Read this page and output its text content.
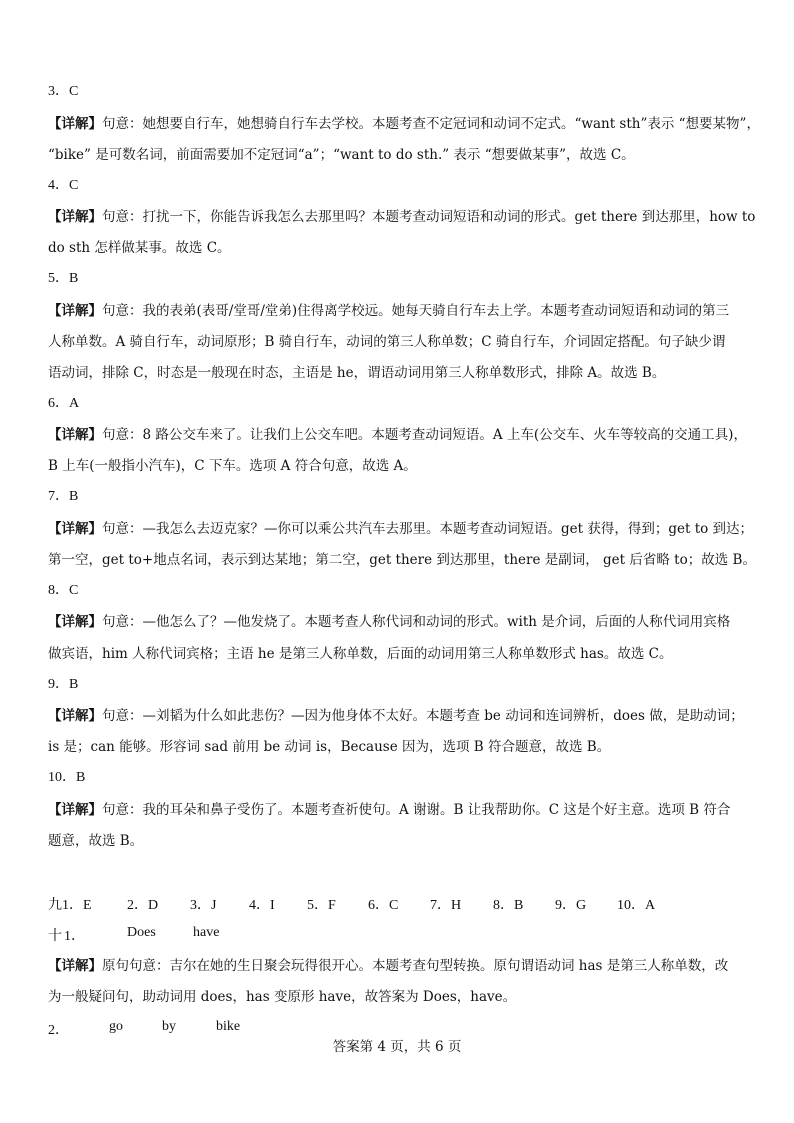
3．C
【详解】句意：她想要自行车，她想骑自行车去学校。本题考查不定冠词和动词不定式。“want sth”表示 “想要某物”，
“bike” 是可数名词，前面需要加不定冠词“a”；“want to do sth.” 表示 “想要做某事”，故选 C。
4．C
【详解】句意：打扰一下，你能告诉我怎么去那里吗？本题考查动词短语和动词的形式。get there 到达那里，how to
do sth 怎样做某事。故选 C。
5．B
【详解】句意：我的表弟(表哥/堂哥/堂弟)住得离学校远。她每天骑自行车去上学。本题考查动词短语和动词的第三
人称单数。A 骑自行车，动词原形；B 骑自行车，动词的第三人称单数；C 骑自行车，介词固定搭配。句子缺少谓
语动词，排除 C，时态是一般现在时态，主语是 he，谓语动词用第三人称单数形式，排除 A。故选 B。
6．A
【详解】句意：8 路公交车来了。让我们上公交车吧。本题考查动词短语。A 上车(公交车、火车等较高的交通工具)，
B 上车(一般指小汽车)，C 下车。选项 A 符合句意，故选 A。
7．B
【详解】句意：—我怎么去迈克家？—你可以乘公共汽车去那里。本题考查动词短语。get 获得，得到；get to 到达；
第一空，get to+地点名词，表示到达某地；第二空，get there 到达那里，there 是副词， get 后省略 to；故选 B。
8．C
【详解】句意：—他怎么了？—他发烧了。本题考查人称代词和动词的形式。with 是介词，后面的人称代词用宾格
做宾语，him 人称代词宾格；主语 he 是第三人称单数，后面的动词用第三人称单数形式 has。故选 C。
9．B
【详解】句意：—刘韬为什么如此悲伤？—因为他身体不太好。本题考查 be 动词和连词辨析，does 做，是助动词；
is 是；can 能够。形容词 sad 前用 be 动词 is，Because 因为，选项 B 符合题意，故选 B。
10．B
【详解】句意：我的耳朵和鼻子受伤了。本题考查祈使句。A 谢谢。B 让我帮助你。C 这是个好主意。选项 B 符合
题意，故选 B。
九 1．E	2．D 3．J 4．I 5．F 6．C 7．H 8．B 9．G 10．A
十 1．	Does	have
【详解】原句句意：吉尔在她的生日聚会玩得很开心。本题考查句型转换。原句谓语动词 has 是第三人称单数，改
为一般疑问句，助动词用 does，has 变原形 have，故答案为 Does，have。
2．	go	by	bike
答案第 4 页，共 6 页
